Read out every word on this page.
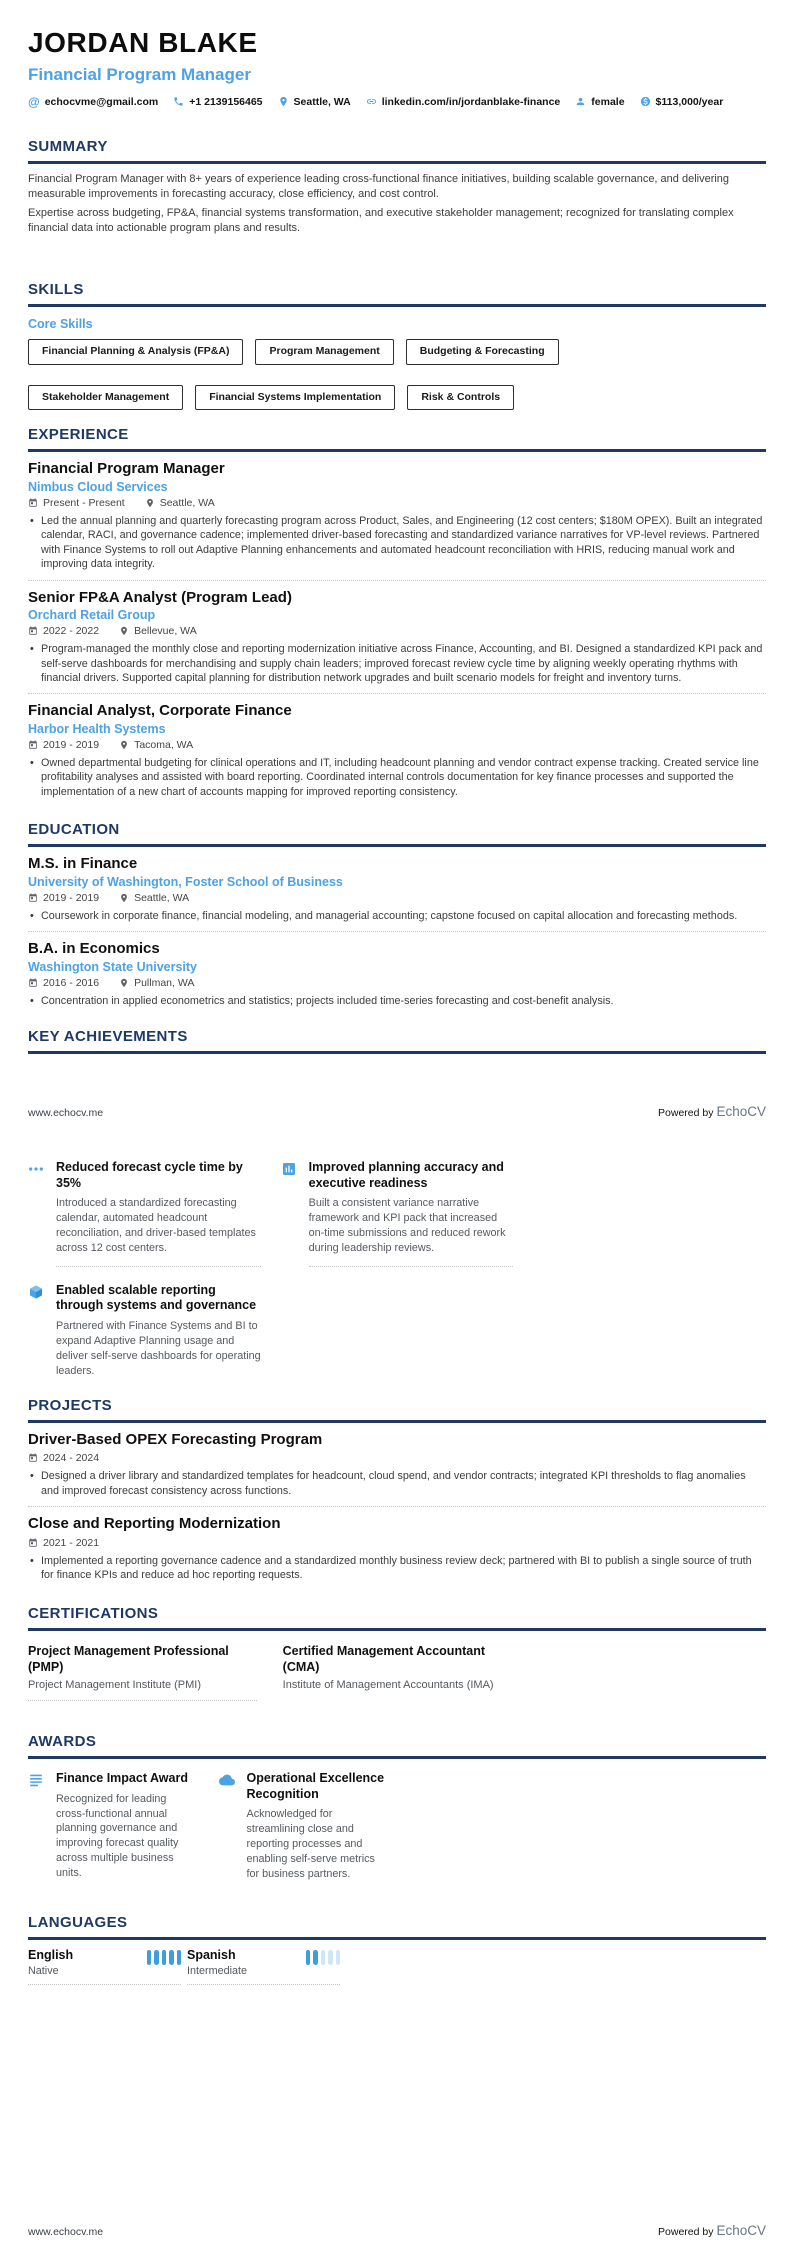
JORDAN BLAKE
Financial Program Manager
@ echocvme@gmail.com	+1 2139156465	Seattle, WA	linkedin.com/in/jordanblake-finance	female	$113,000/year
SUMMARY

Financial Program Manager with 8+ years of experience leading cross-functional finance initiatives, building scalable governance, and delivering measurable improvements in forecasting accuracy, close efficiency, and cost control.

Expertise across budgeting, FP&A, financial systems transformation, and executive stakeholder management; recognized for translating complex financial data into actionable program plans and results.

SKILLS
Core Skills
Financial Planning & Analysis (FP&A)	Program Management	Budgeting & Forecasting
Stakeholder Management	Financial Systems Implementation	Risk & Controls
EXPERIENCE
Financial Program Manager
Nimbus Cloud Services
Present - Present	Seattle, WA
• Led the annual planning and quarterly forecasting program across Product, Sales, and Engineering (12 cost centers; $180M OPEX). Built an integrated calendar, RACI, and governance cadence; implemented driver-based forecasting and standardized variance narratives for VP-level reviews. Partnered with Finance Systems to roll out Adaptive Planning enhancements and automated headcount reconciliation with HRIS, reducing manual work and improving data integrity.
Senior FP&A Analyst (Program Lead)
Orchard Retail Group
2022 - 2022	Bellevue, WA
• Program-managed the monthly close and reporting modernization initiative across Finance, Accounting, and BI. Designed a standardized KPI pack and self-serve dashboards for merchandising and supply chain leaders; improved forecast review cycle time by aligning weekly operating rhythms with financial drivers. Supported capital planning for distribution network upgrades and built scenario models for freight and inventory turns.
Financial Analyst, Corporate Finance
Harbor Health Systems
2019 - 2019	Tacoma, WA
• Owned departmental budgeting for clinical operations and IT, including headcount planning and vendor contract expense tracking. Created service line profitability analyses and assisted with board reporting. Coordinated internal controls documentation for key finance processes and supported the implementation of a new chart of accounts mapping for improved reporting consistency.
EDUCATION
M.S. in Finance
University of Washington, Foster School of Business
2019 - 2019	Seattle, WA
• Coursework in corporate finance, financial modeling, and managerial accounting; capstone focused on capital allocation and forecasting methods.
B.A. in Economics
Washington State University
2016 - 2016	Pullman, WA
• Concentration in applied econometrics and statistics; projects included time-series forecasting and cost-benefit analysis.
KEY ACHIEVEMENTS
www.echocv.me	Powered by EchoCV
Reduced forecast cycle time by 35%
Introduced a standardized forecasting calendar, automated headcount reconciliation, and driver-based templates across 12 cost centers.
Improved planning accuracy and executive readiness
Built a consistent variance narrative framework and KPI pack that increased on-time submissions and reduced rework during leadership reviews.
Enabled scalable reporting through systems and governance
Partnered with Finance Systems and BI to expand Adaptive Planning usage and deliver self-serve dashboards for operating leaders.
PROJECTS
Driver-Based OPEX Forecasting Program
2024 - 2024
• Designed a driver library and standardized templates for headcount, cloud spend, and vendor contracts; integrated KPI thresholds to flag anomalies and improved forecast consistency across functions.
Close and Reporting Modernization
2021 - 2021
• Implemented a reporting governance cadence and a standardized monthly business review deck; partnered with BI to publish a single source of truth for finance KPIs and reduce ad hoc reporting requests.
CERTIFICATIONS
Project Management Professional (PMP)
Project Management Institute (PMI)
Certified Management Accountant (CMA)
Institute of Management Accountants (IMA)
AWARDS
Finance Impact Award
Recognized for leading cross-functional annual planning governance and improving forecast quality across multiple business units.
Operational Excellence Recognition
Acknowledged for streamlining close and reporting processes and enabling self-serve metrics for business partners.
LANGUAGES
English
Native
Spanish
Intermediate
www.echocv.me	Powered by EchoCV
